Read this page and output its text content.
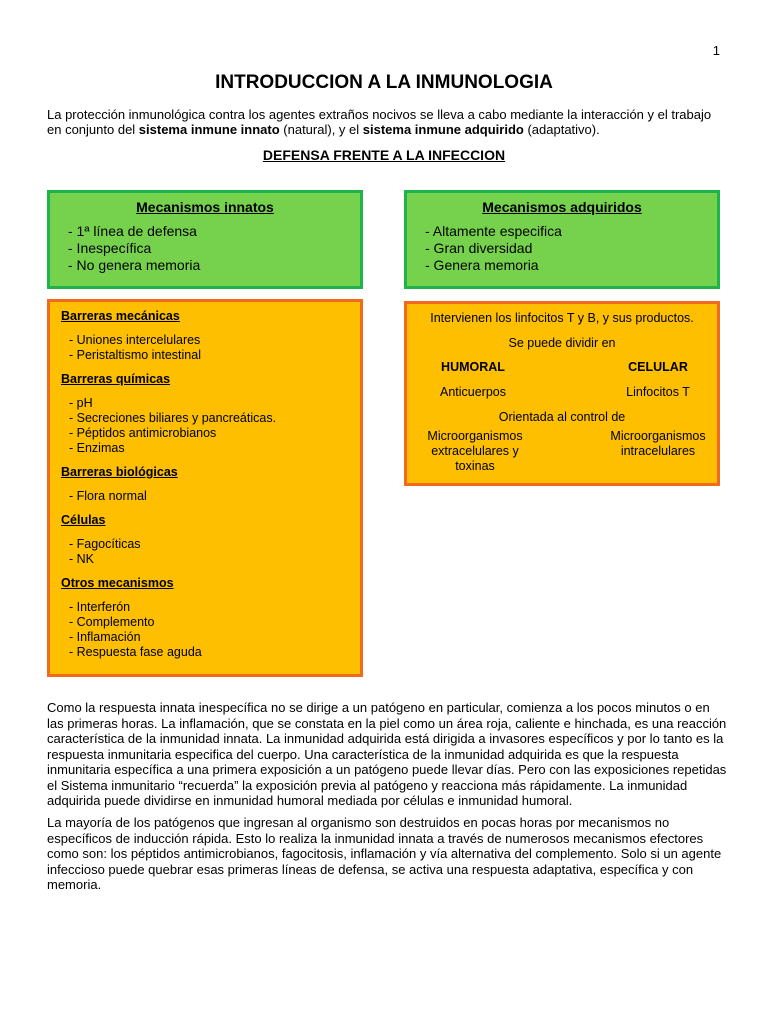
1
INTRODUCCION A LA INMUNOLOGIA

La protección inmunológica contra los agentes extraños nocivos se lleva a cabo mediante la interacción y el trabajo en conjunto del sistema inmune innato (natural), y el sistema inmune adquirido (adaptativo).

DEFENSA FRENTE A LA INFECCION
Mecanismos innatos
- 1ª línea de defensa
- Inespecífica
- No genera memoria
Mecanismos adquiridos
- Altamente especifica
- Gran diversidad
- Genera memoria

Barreras mecánicas

- Uniones intercelulares
- Peristaltismo intestinal

Barreras químicas

- pH
- Secreciones biliares y pancreáticas.
- Péptidos antimicrobianos
- Enzimas

Barreras biológicas

- Flora normal

Células

- Fagocíticas
- NK

Otros mecanismos

- Interferón
- Complemento
- Inflamación
- Respuesta fase aguda
Intervienen los linfocitos T y B, y sus productos.
Se puede dividir en
HUMORAL	CELULAR
Anticuerpos	Linfocitos T
Orientada al control de
Microorganismos
extracelulares y
toxinas
Microorganismos
intracelulares

Como la respuesta innata inespecífica no se dirige a un patógeno en particular, comienza a los pocos minutos o en las primeras horas. La inflamación, que se constata en la piel como un área roja, caliente e hinchada, es una reacción característica de la inmunidad innata. La inmunidad adquirida está dirigida a invasores específicos y por lo tanto es la respuesta inmunitaria especifica del cuerpo. Una característica de la inmunidad adquirida es que la respuesta inmunitaria específica a una primera exposición a un patógeno puede llevar días. Pero con las exposiciones repetidas el Sistema inmunitario “recuerda” la exposición previa al patógeno y reacciona más rápidamente. La inmunidad adquirida puede dividirse en inmunidad humoral mediada por células e inmunidad humoral.

La mayoría de los patógenos que ingresan al organismo son destruidos en pocas horas por mecanismos no específicos de inducción rápida. Esto lo realiza la inmunidad innata a través de numerosos mecanismos efectores como son: los péptidos antimicrobianos, fagocitosis, inflamación y vía alternativa del complemento. Solo si un agente infeccioso puede quebrar esas primeras líneas de defensa, se activa una respuesta adaptativa, específica y con memoria.
